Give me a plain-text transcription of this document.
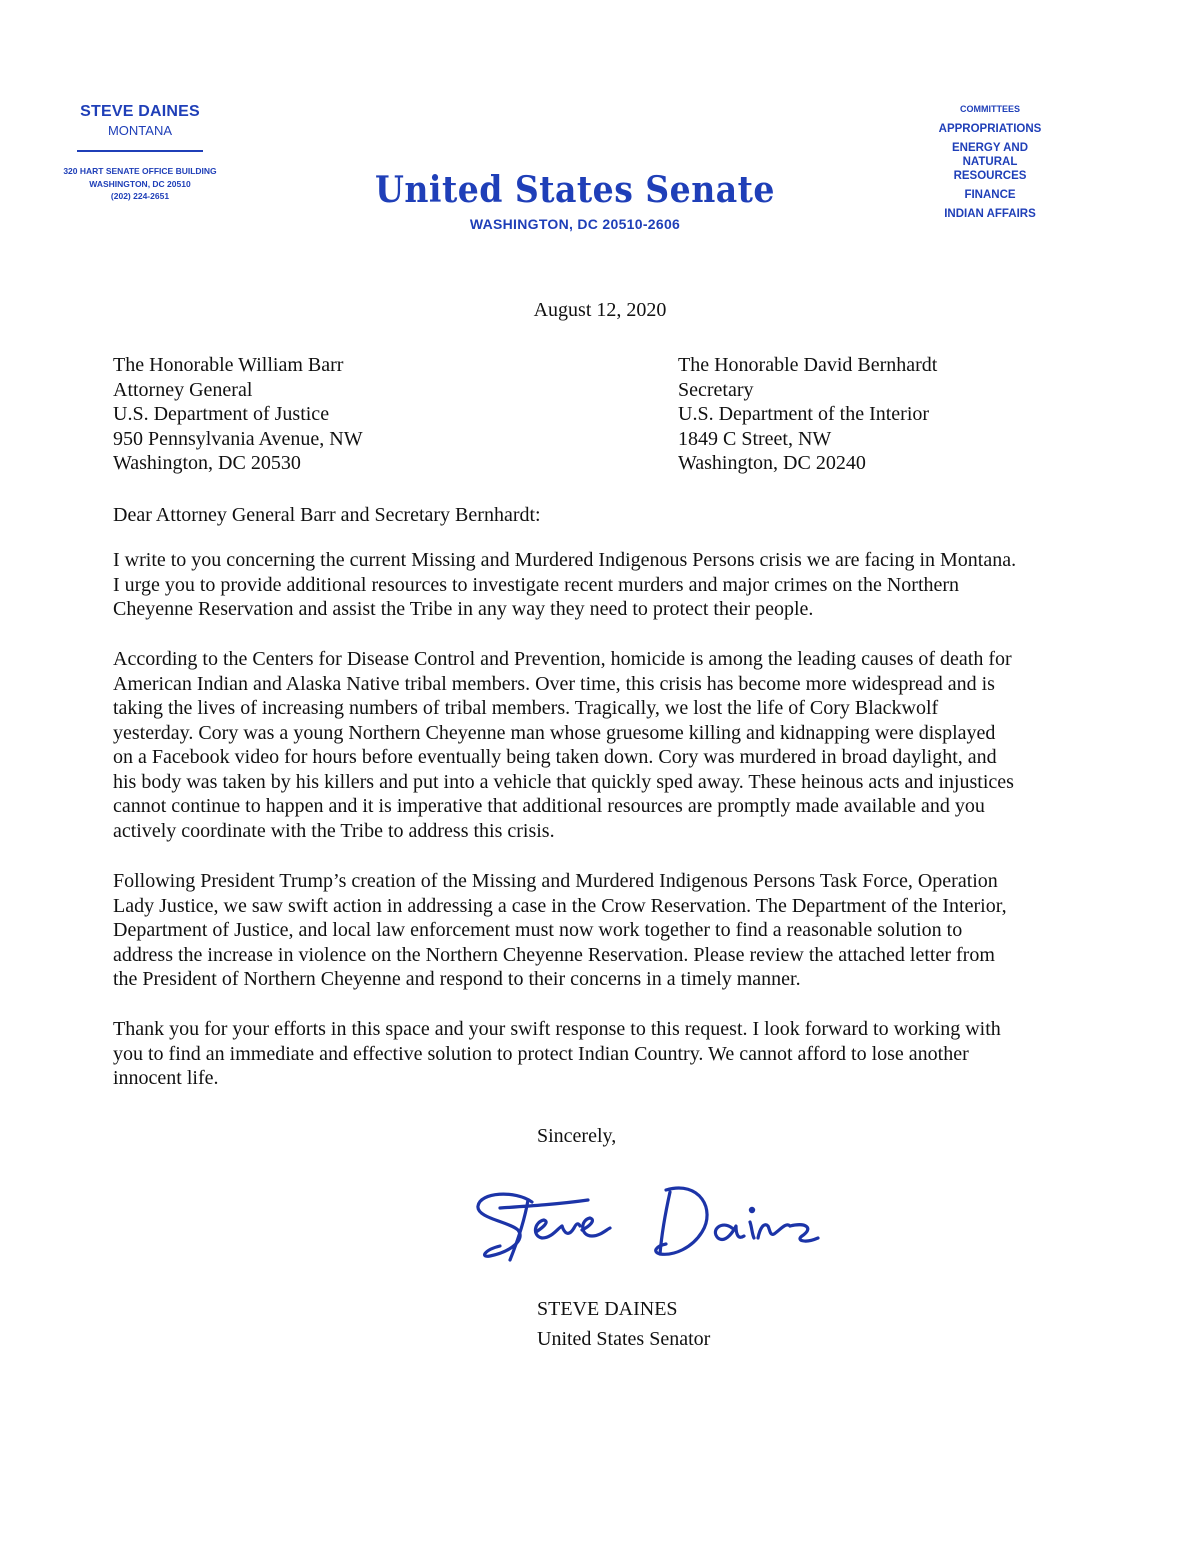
STEVE DAINES
MONTANA
320 HART SENATE OFFICE BUILDING
WASHINGTON, DC 20510
(202) 224-2651	United States Senate
WASHINGTON, DC 20510-2606
COMMITTEES
APPROPRIATIONS
ENERGY AND NATURAL RESOURCES
FINANCE
INDIAN AFFAIRS
August 12, 2020
The Honorable William Barr
Attorney General
U.S. Department of Justice
950 Pennsylvania Avenue, NW
Washington, DC 20530
The Honorable David Bernhardt
Secretary
U.S. Department of the Interior
1849 C Street, NW
Washington, DC 20240
Dear Attorney General Barr and Secretary Bernhardt:
I write to you concerning the current Missing and Murdered Indigenous Persons crisis we are facing in Montana.
I urge you to provide additional resources to investigate recent murders and major crimes on the Northern
Cheyenne Reservation and assist the Tribe in any way they need to protect their people.
According to the Centers for Disease Control and Prevention, homicide is among the leading causes of death for
American Indian and Alaska Native tribal members. Over time, this crisis has become more widespread and is
taking the lives of increasing numbers of tribal members. Tragically, we lost the life of Cory Blackwolf
yesterday. Cory was a young Northern Cheyenne man whose gruesome killing and kidnapping were displayed
on a Facebook video for hours before eventually being taken down. Cory was murdered in broad daylight, and
his body was taken by his killers and put into a vehicle that quickly sped away. These heinous acts and injustices
cannot continue to happen and it is imperative that additional resources are promptly made available and you
actively coordinate with the Tribe to address this crisis.
Following President Trump’s creation of the Missing and Murdered Indigenous Persons Task Force, Operation
Lady Justice, we saw swift action in addressing a case in the Crow Reservation. The Department of the Interior,
Department of Justice, and local law enforcement must now work together to find a reasonable solution to
address the increase in violence on the Northern Cheyenne Reservation. Please review the attached letter from
the President of Northern Cheyenne and respond to their concerns in a timely manner.
Thank you for your efforts in this space and your swift response to this request. I look forward to working with
you to find an immediate and effective solution to protect Indian Country. We cannot afford to lose another
innocent life.
Sincerely,
STEVE DAINES
United States Senator
